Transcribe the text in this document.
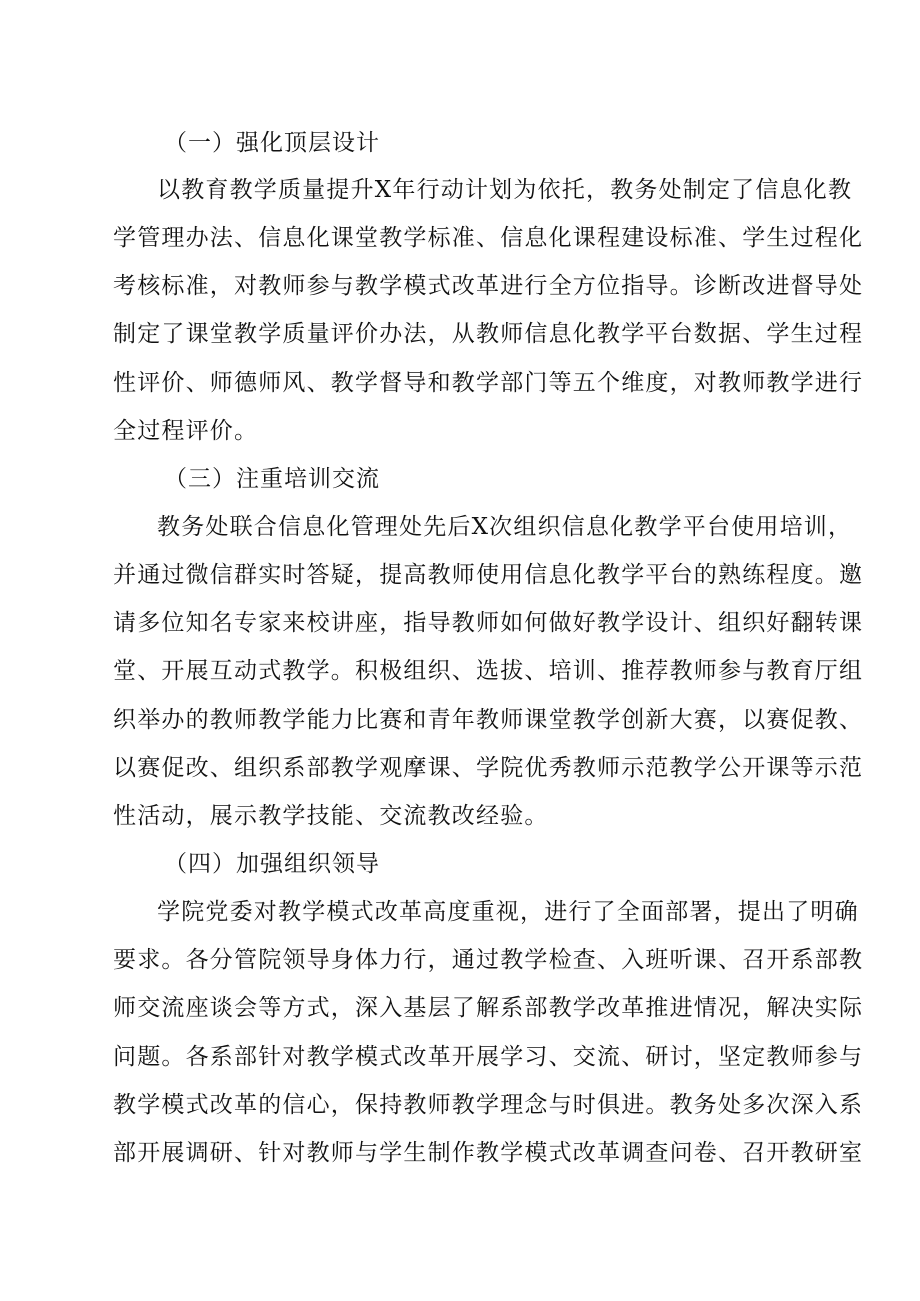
（一）强化顶层设计
以教育教学质量提升X年行动计划为依托，教务处制定了信息化教
学管理办法、信息化课堂教学标准、信息化课程建设标准、学生过程化
考核标准，对教师参与教学模式改革进行全方位指导。诊断改进督导处
制定了课堂教学质量评价办法，从教师信息化教学平台数据、学生过程
性评价、师德师风、教学督导和教学部门等五个维度，对教师教学进行
全过程评价。
（三）注重培训交流
教务处联合信息化管理处先后X次组织信息化教学平台使用培训，
并通过微信群实时答疑，提高教师使用信息化教学平台的熟练程度。邀
请多位知名专家来校讲座，指导教师如何做好教学设计、组织好翻转课
堂、开展互动式教学。积极组织、选拔、培训、推荐教师参与教育厅组
织举办的教师教学能力比赛和青年教师课堂教学创新大赛，以赛促教、
以赛促改、组织系部教学观摩课、学院优秀教师示范教学公开课等示范
性活动，展示教学技能、交流教改经验。
（四）加强组织领导
学院党委对教学模式改革高度重视，进行了全面部署，提出了明确
要求。各分管院领导身体力行，通过教学检查、入班听课、召开系部教
师交流座谈会等方式，深入基层了解系部教学改革推进情况，解决实际
问题。各系部针对教学模式改革开展学习、交流、研讨，坚定教师参与
教学模式改革的信心，保持教师教学理念与时俱进。教务处多次深入系
部开展调研、针对教师与学生制作教学模式改革调查问卷、召开教研室
